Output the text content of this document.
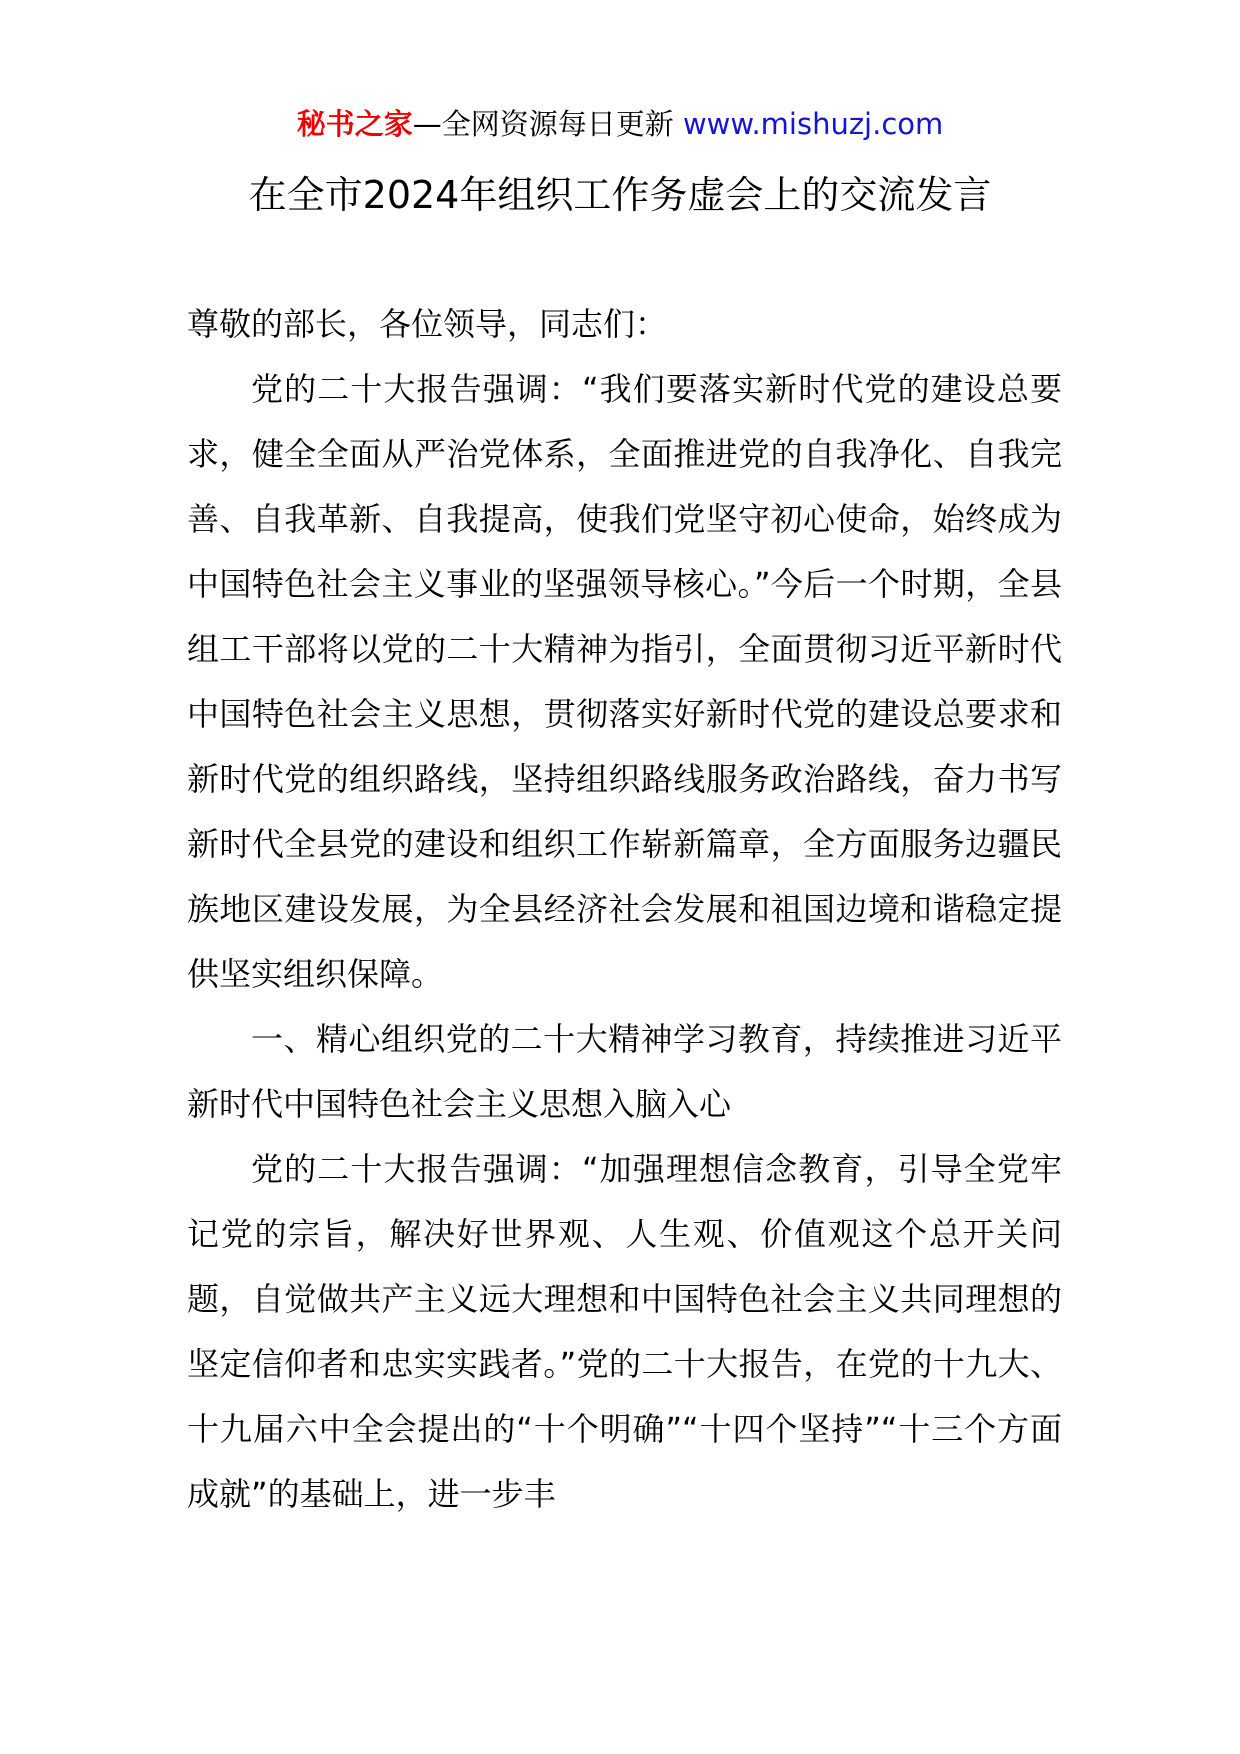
秘书之家—全网资源每日更新 www.mishuzj.com
在全市2024年组织工作务虚会上的交流发言

尊敬的部长，各位领导，同志们：

党的二十大报告强调：“我们要落实新时代党的建设总要求，健全全面从严治党体系，全面推进党的自我净化、自我完善、自我革新、自我提高，使我们党坚守初心使命，始终成为中国特色社会主义事业的坚强领导核心。”今后一个时期，全县组工干部将以党的二十大精神为指引，全面贯彻习近平新时代中国特色社会主义思想，贯彻落实好新时代党的建设总要求和新时代党的组织路线，坚持组织路线服务政治路线，奋力书写新时代全县党的建设和组织工作崭新篇章，全方面服务边疆民族地区建设发展，为全县经济社会发展和祖国边境和谐稳定提供坚实组织保障。

一、精心组织党的二十大精神学习教育，持续推进习近平新时代中国特色社会主义思想入脑入心

党的二十大报告强调：“加强理想信念教育，引导全党牢记党的宗旨，解决好世界观、人生观、价值观这个总开关问题，自觉做共产主义远大理想和中国特色社会主义共同理想的坚定信仰者和忠实实践者。”党的二十大报告，在党的十九大、十九届六中全会提出的“十个明确”“十四个坚持”“十三个方面成就”的基础上，进一步丰
